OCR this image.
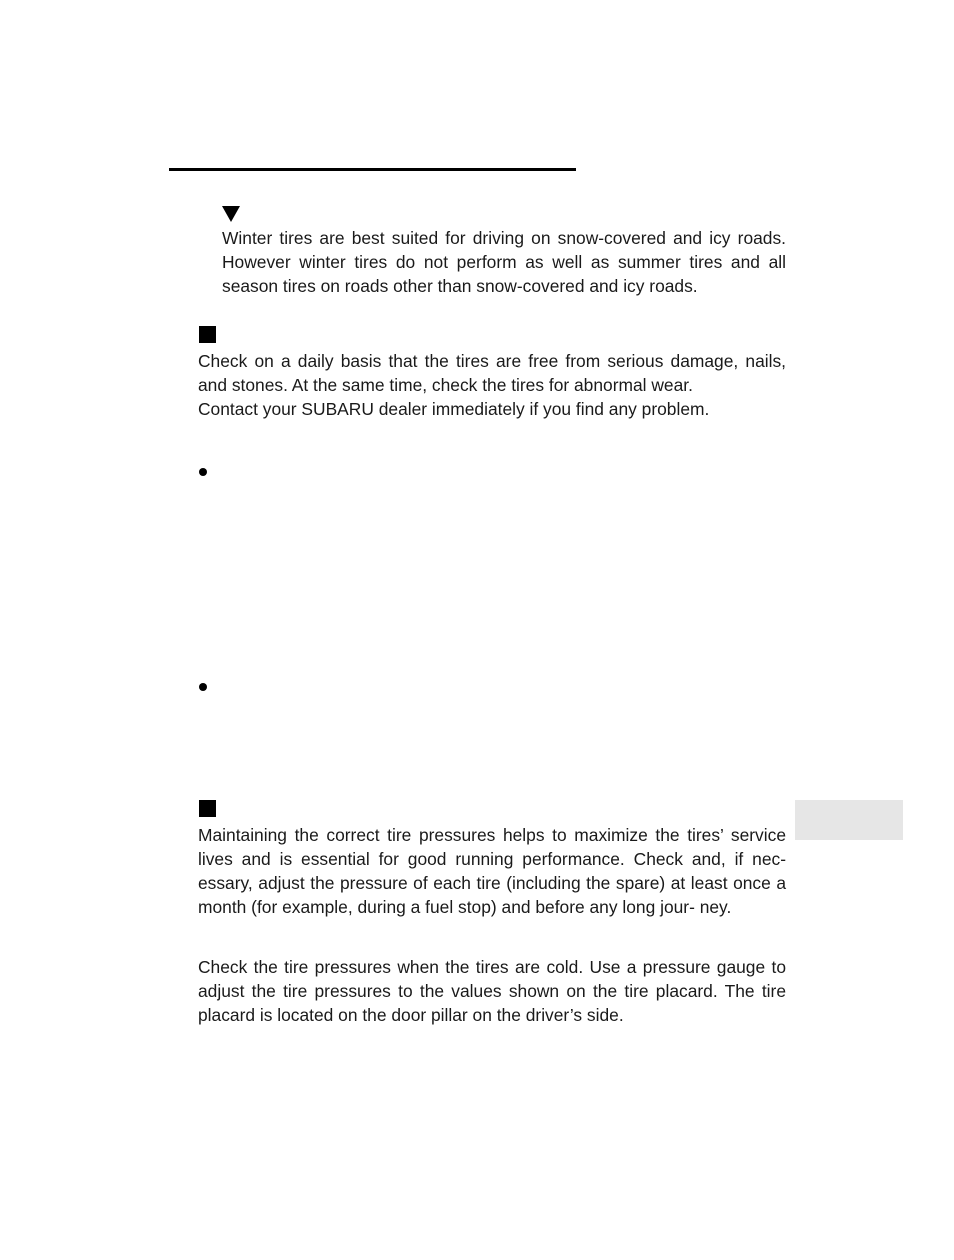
Winter tires are best suited for driving on snow-covered and icy roads. However winter tires do not perform as well as summer tires and all season tires on roads other than snow-covered and icy roads.

Check on a daily basis that the tires are free from serious damage, nails, and stones. At the same time, check the tires for abnormal wear.

Contact your SUBARU dealer immediately if you find any problem.

Maintaining the correct tire pressures helps to maximize the tires’ service lives and is essential for good running performance. Check and, if nec- essary, adjust the pressure of each tire (including the spare) at least once a month (for example, during a fuel stop) and before any long jour- ney.

Check the tire pressures when the tires are cold. Use a pressure gauge to adjust the tire pressures to the values shown on the tire placard. The tire placard is located on the door pillar on the driver’s side.
